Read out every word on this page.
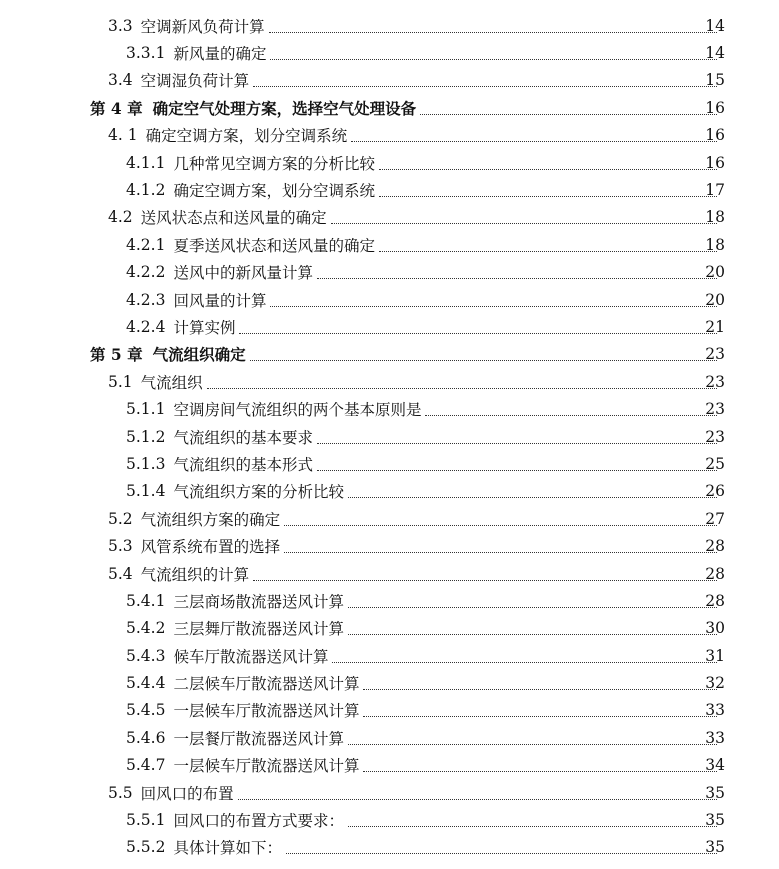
3.3 空调新风负荷计算	14
3.3.1 新风量的确定	14
3.4 空调湿负荷计算	15
第 4 章 确定空气处理方案，选择空气处理设备	16
4. 1 确定空调方案，划分空调系统	16
4.1.1 几种常见空调方案的分析比较	16
4.1.2 确定空调方案，划分空调系统	17
4.2 送风状态点和送风量的确定	18
4.2.1 夏季送风状态和送风量的确定	18
4.2.2 送风中的新风量计算	20
4.2.3 回风量的计算	20
4.2.4 计算实例	21
第 5 章 气流组织确定	23
5.1 气流组织	23
5.1.1 空调房间气流组织的两个基本原则是	23
5.1.2 气流组织的基本要求	23
5.1.3 气流组织的基本形式	25
5.1.4 气流组织方案的分析比较	26
5.2 气流组织方案的确定	27
5.3 风管系统布置的选择	28
5.4 气流组织的计算	28
5.4.1 三层商场散流器送风计算	28
5.4.2 三层舞厅散流器送风计算	30
5.4.3 候车厅散流器送风计算	31
5.4.4 二层候车厅散流器送风计算	32
5.4.5 一层候车厅散流器送风计算	33
5.4.6 一层餐厅散流器送风计算	33
5.4.7 一层候车厅散流器送风计算	34
5.5 回风口的布置	35
5.5.1 回风口的布置方式要求：	35
5.5.2 具体计算如下：	35
